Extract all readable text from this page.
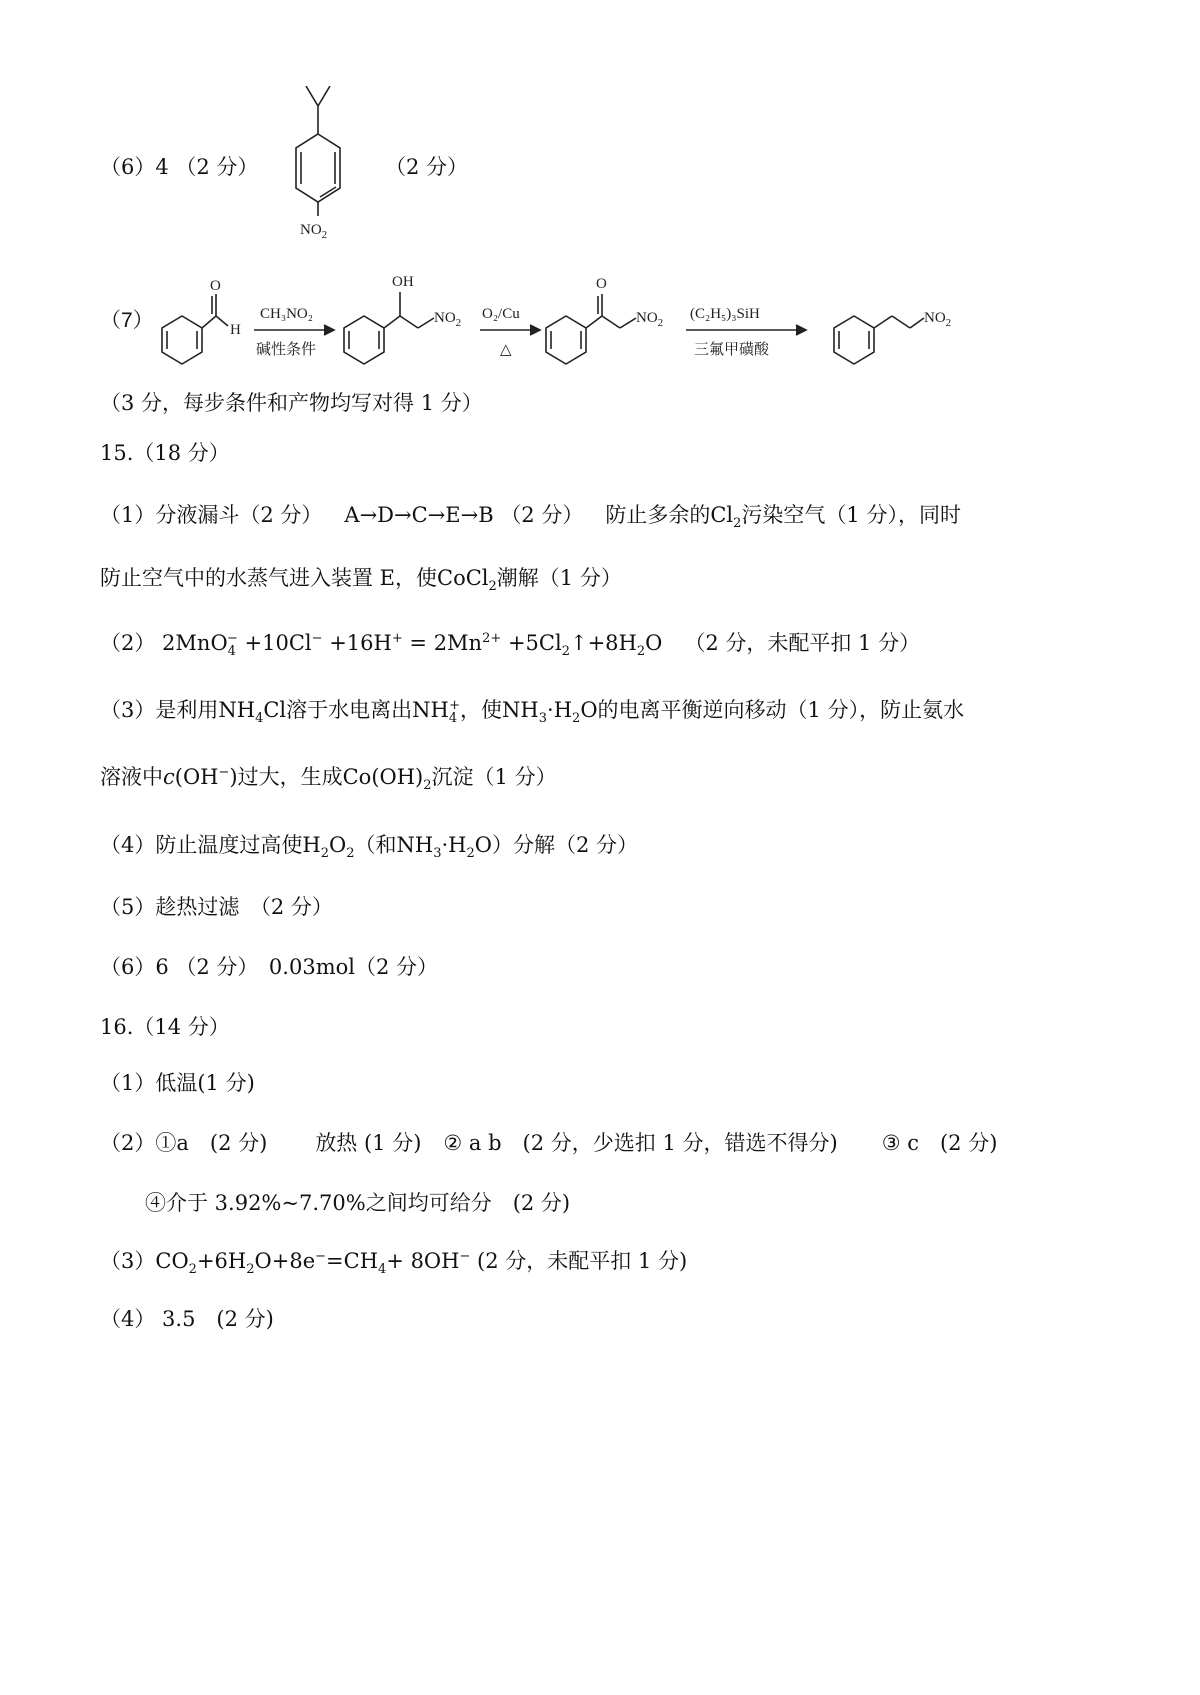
（6）4 （2 分）
$NO_2$
（2 分）
（7）
O
H
CH₃NO₂
碱性条件
OH
$NO_2$
O₂/Cu
△
O
$NO_2$
(C₂H₅)₃SiH
三氟甲磺酸
$NO_2$
（3 分，每步条件和产物均写对得 1 分）
15.（18 分）
（1）分液漏斗（2 分） A→D→C→E→B （2 分） 防止多余的$Cl_2$污染空气（1 分），同时
防止空气中的水蒸气进入装置 E，使CoCl$_2$潮解（1 分）
（2） $2MnO_4^- +10Cl^- +16H^+ = 2Mn^{2+}$ $+5Cl_2↑+8H_2O$ （2 分，未配平扣 1 分）
（3）是利用$NH_4Cl$溶于水电离出$NH_4^+$，使$NH_3\cdot H_2O$的电离平衡逆向移动（1 分），防止氨水
溶液中c(OH−)过大，生成$Co(OH)_2$沉淀（1 分）
（4）防止温度过高使$H_2O_2$（和$NH_3\cdot H_2O$）分解（2 分）
（5）趁热过滤　（2 分）
（6）6 （2 分）　0.03mol（2 分）
16.（14 分）
（1）低温(1 分)
（2）①a　(2 分) 放热 (1 分) ② a b　(2 分，少选扣 1 分，错选不得分) ③ c　(2 分)
④介于 3.92%~7.70%之间均可给分　(2 分)
$(3)CO_2+6H_2O+8e^-=CH_4+ 8OH^-$ (2 分，未配平扣 1 分)
（4） 3.5　(2 分)
